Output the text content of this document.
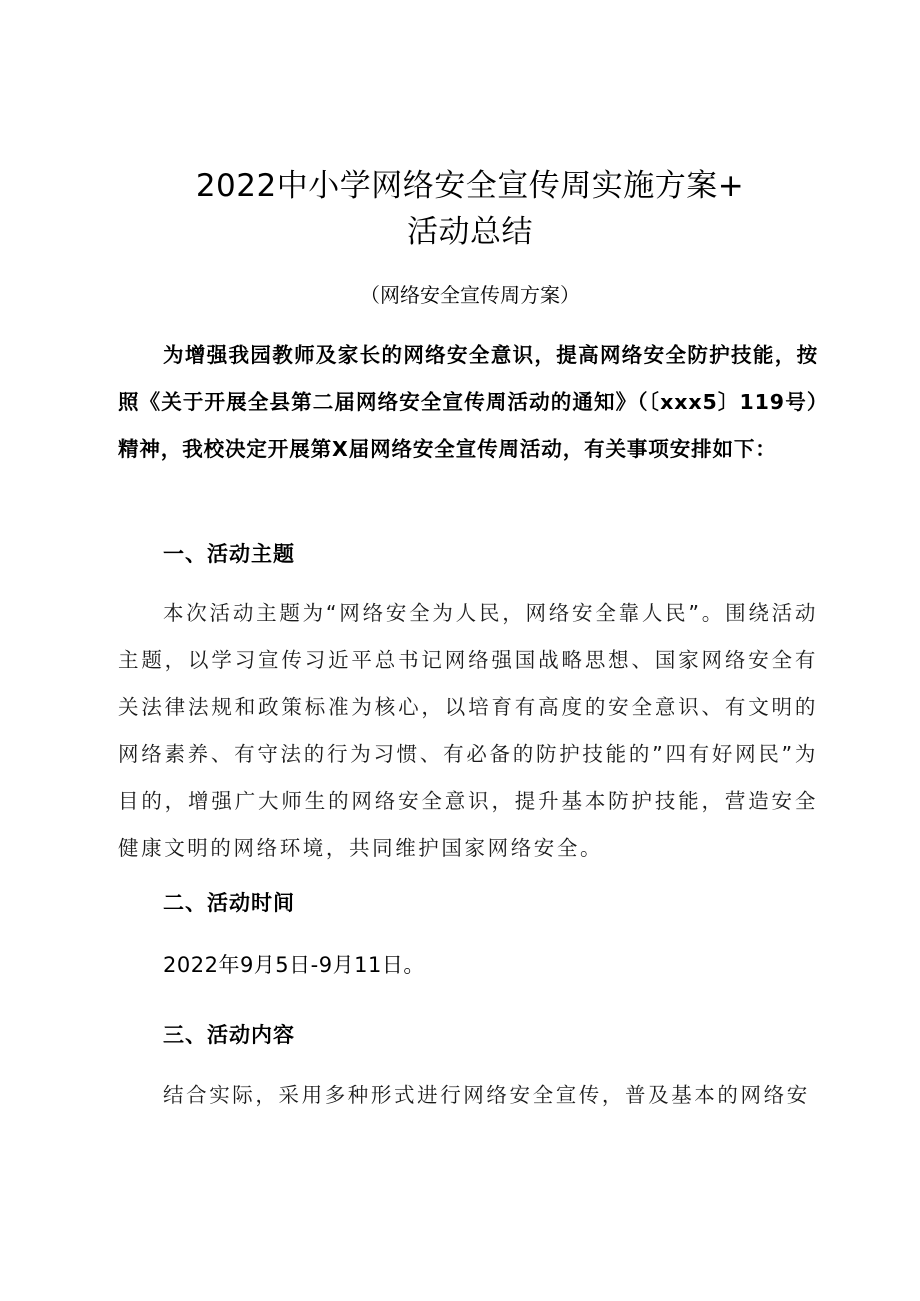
2022中小学网络安全宣传周实施方案+
活动总结
（网络安全宣传周方案）

为增强我园教师及家长的网络安全意识，提高网络安全防护技能，按照《关于开展全县第二届网络安全宣传周活动的通知》（〔xxx5〕119号）精神，我校决定开展第X届网络安全宣传周活动，有关事项安排如下：

一、活动主题

本次活动主题为“网络安全为人民，网络安全靠人民”。围绕活动主题，以学习宣传习近平总书记网络强国战略思想、国家网络安全有关法律法规和政策标准为核心，以培育有高度的安全意识、有文明的网络素养、有守法的行为习惯、有必备的防护技能的”四有好网民”为目的，增强广大师生的网络安全意识，提升基本防护技能，营造安全健康文明的网络环境，共同维护国家网络安全。

二、活动时间
2022年9月5日-9月11日。
三、活动内容

结合实际，采用多种形式进行网络安全宣传，普及基本的网络安
